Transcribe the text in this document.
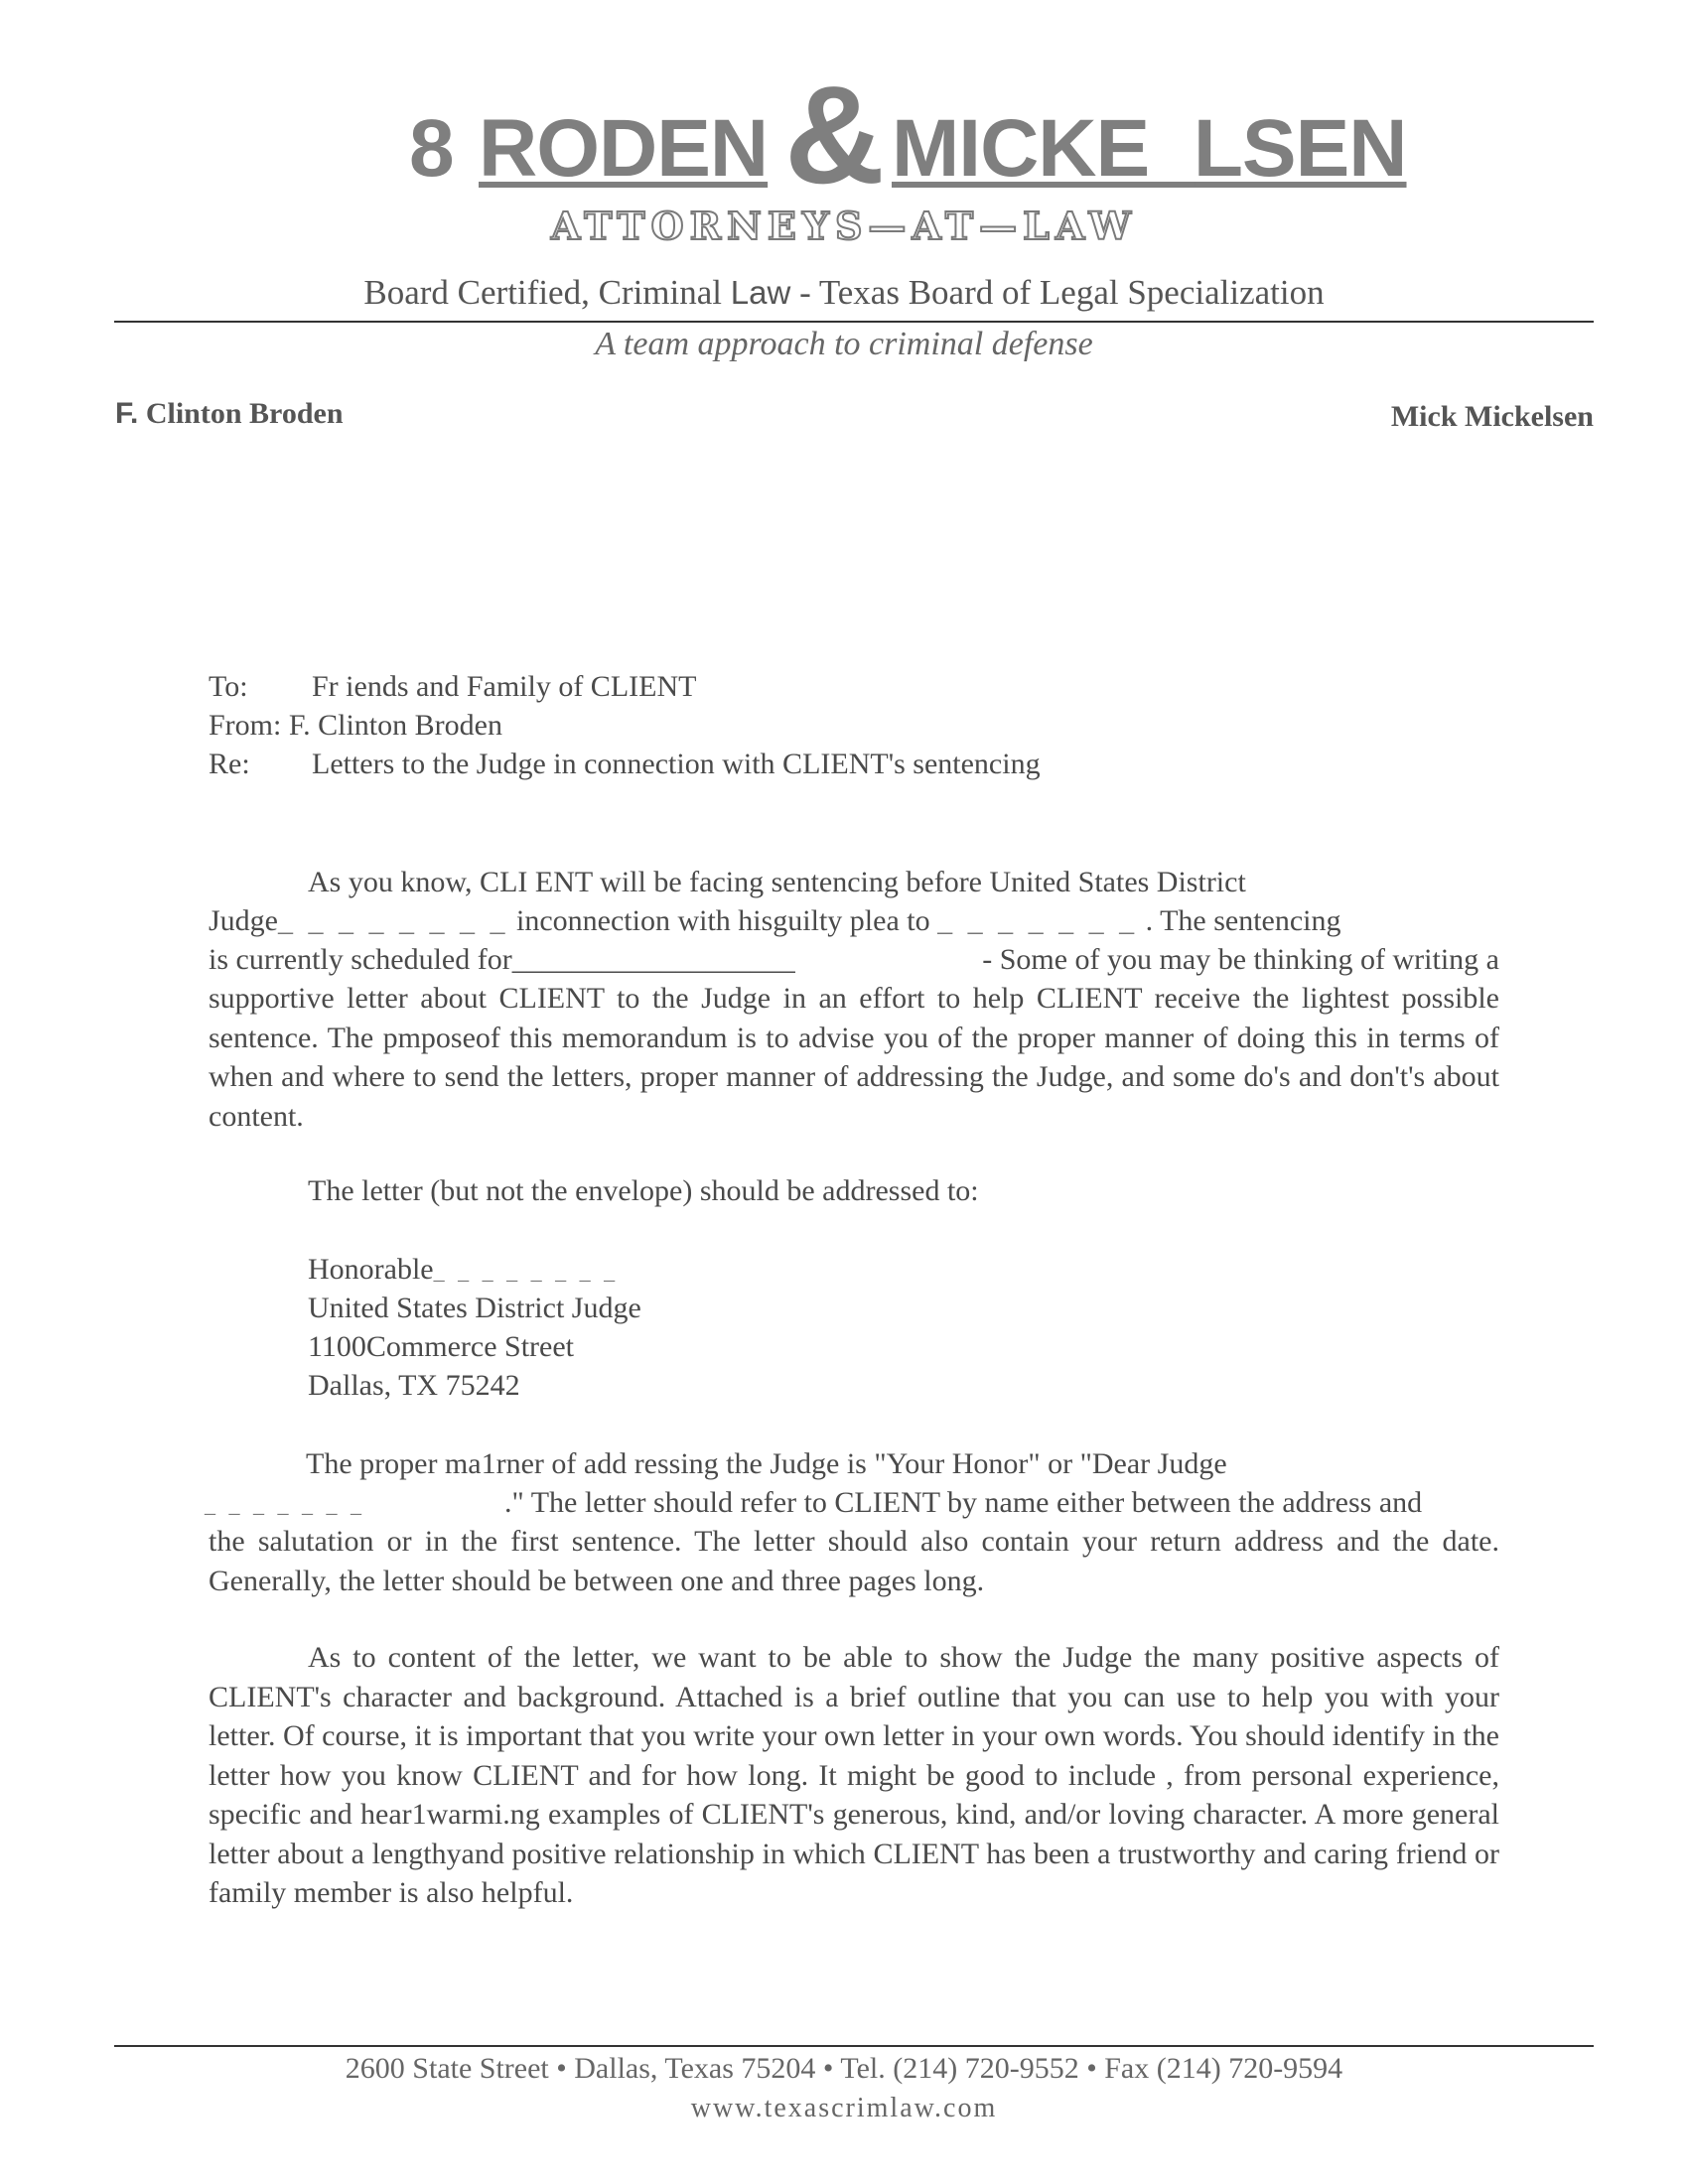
8 RODEN & MICKE_LSEN
ATTORNEYS—AT—LAW
Board Certified, Criminal Law - Texas Board of Legal Specialization
A team approach to criminal defense
F. Clinton Broden	Mick Mickelsen
To: Fr iends and Family of CLIENT
From: F. Clinton Broden
Re: Letters to the Judge in connection with CLIENT's sentencing
As you know, CLI ENT will be facing sentencing before United States District
Judge_ _ _ _ _ _ _ _ inconnection with hisguilty plea to _ _ _ _ _ _ _ . The sentencing
is currently scheduled for___________________	- Some of you may be thinking of writing a
supportive letter about CLIENT to the Judge in an effort to help CLIENT receive the lightest possible sentence. The pmposeof this memorandum is to advise you of the proper manner of doing this in terms of when and where to send the letters, proper manner of addressing the Judge, and some do's and don't's about content.
The letter (but not the envelope) should be addressed to:
Honorable_ _ _ _ _ _ _ _
United States District Judge
1100Commerce Street
Dallas, TX 75242
The proper ma1rner of add ressing the Judge is "Your Honor" or "Dear Judge
_ _ _ _ _ _ _	." The letter should refer to CLIENT by name either between the address and
the salutation or in the first sentence. The letter should also contain your return address and the date. Generally, the letter should be between one and three pages long.
As to content of the letter, we want to be able to show the Judge the many positive aspects of CLIENT's character and background. Attached is a brief outline that you can use to help you with your letter. Of course, it is important that you write your own letter in your own words. You should identify in the letter how you know CLIENT and for how long. It might be good to include , from personal experience, specific and hear1warmi.ng examples of CLIENT's generous, kind, and/or loving character. A more general letter about a lengthyand positive relationship in which CLIENT has been a trustworthy and caring friend or family member is also helpful.
2600 State Street • Dallas, Texas 75204 • Tel. (214) 720-9552 • Fax (214) 720-9594
www.texascrimlaw.com
